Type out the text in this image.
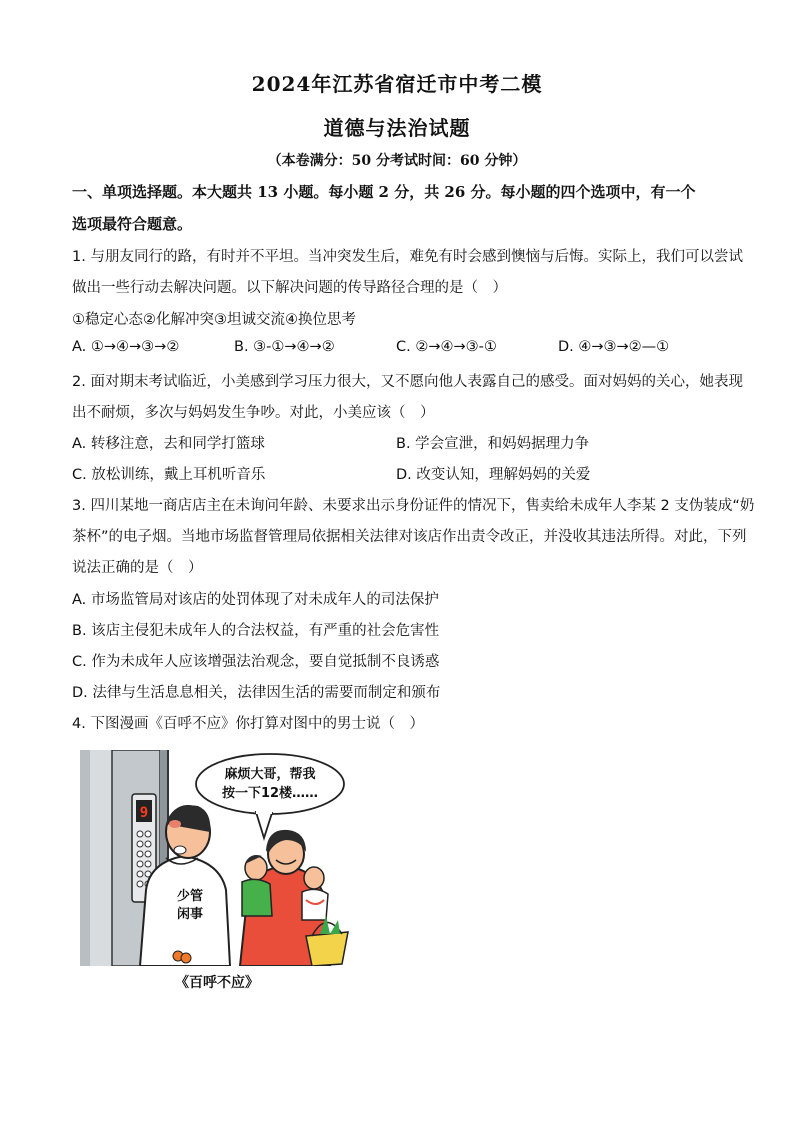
2024年江苏省宿迁市中考二模
道德与法治试题
（本卷满分：50 分考试时间：60 分钟）
一、单项选择题。本大题共 13 小题。每小题 2 分，共 26 分。每小题的四个选项中，有一个
选项最符合题意。
1. 与朋友同行的路，有时并不平坦。当冲突发生后，难免有时会感到懊恼与后悔。实际上，我们可以尝试
做出一些行动去解决问题。以下解决问题的传导路径合理的是（　）
①稳定心态②化解冲突③坦诚交流④换位思考
A. ①→④→③→②	B. ③-①→④→②	C. ②→④→③-①	D. ④→③→②—①
2. 面对期末考试临近，小美感到学习压力很大，又不愿向他人表露自己的感受。面对妈妈的关心，她表现
出不耐烦，多次与妈妈发生争吵。对此，小美应该（　）
A. 转移注意，去和同学打篮球	B. 学会宣泄，和妈妈据理力争
C. 放松训练，戴上耳机听音乐	D. 改变认知，理解妈妈的关爱
3. 四川某地一商店店主在未询问年龄、未要求出示身份证件的情况下，售卖给未成年人李某 2 支伪装成“奶
茶杯”的电子烟。当地市场监督管理局依据相关法律对该店作出责令改正，并没收其违法所得。对此，下列
说法正确的是（　）
A. 市场监管局对该店的处罚体现了对未成年人的司法保护
B. 该店主侵犯未成年人的合法权益，有严重的社会危害性
C. 作为未成年人应该增强法治观念，要自觉抵制不良诱惑
D. 法律与生活息息相关，法律因生活的需要而制定和颁布
4. 下图漫画《百呼不应》你打算对图中的男士说（　）
9
麻烦大哥，帮我
按一下12楼……
少管
闲事
《百呼不应》
